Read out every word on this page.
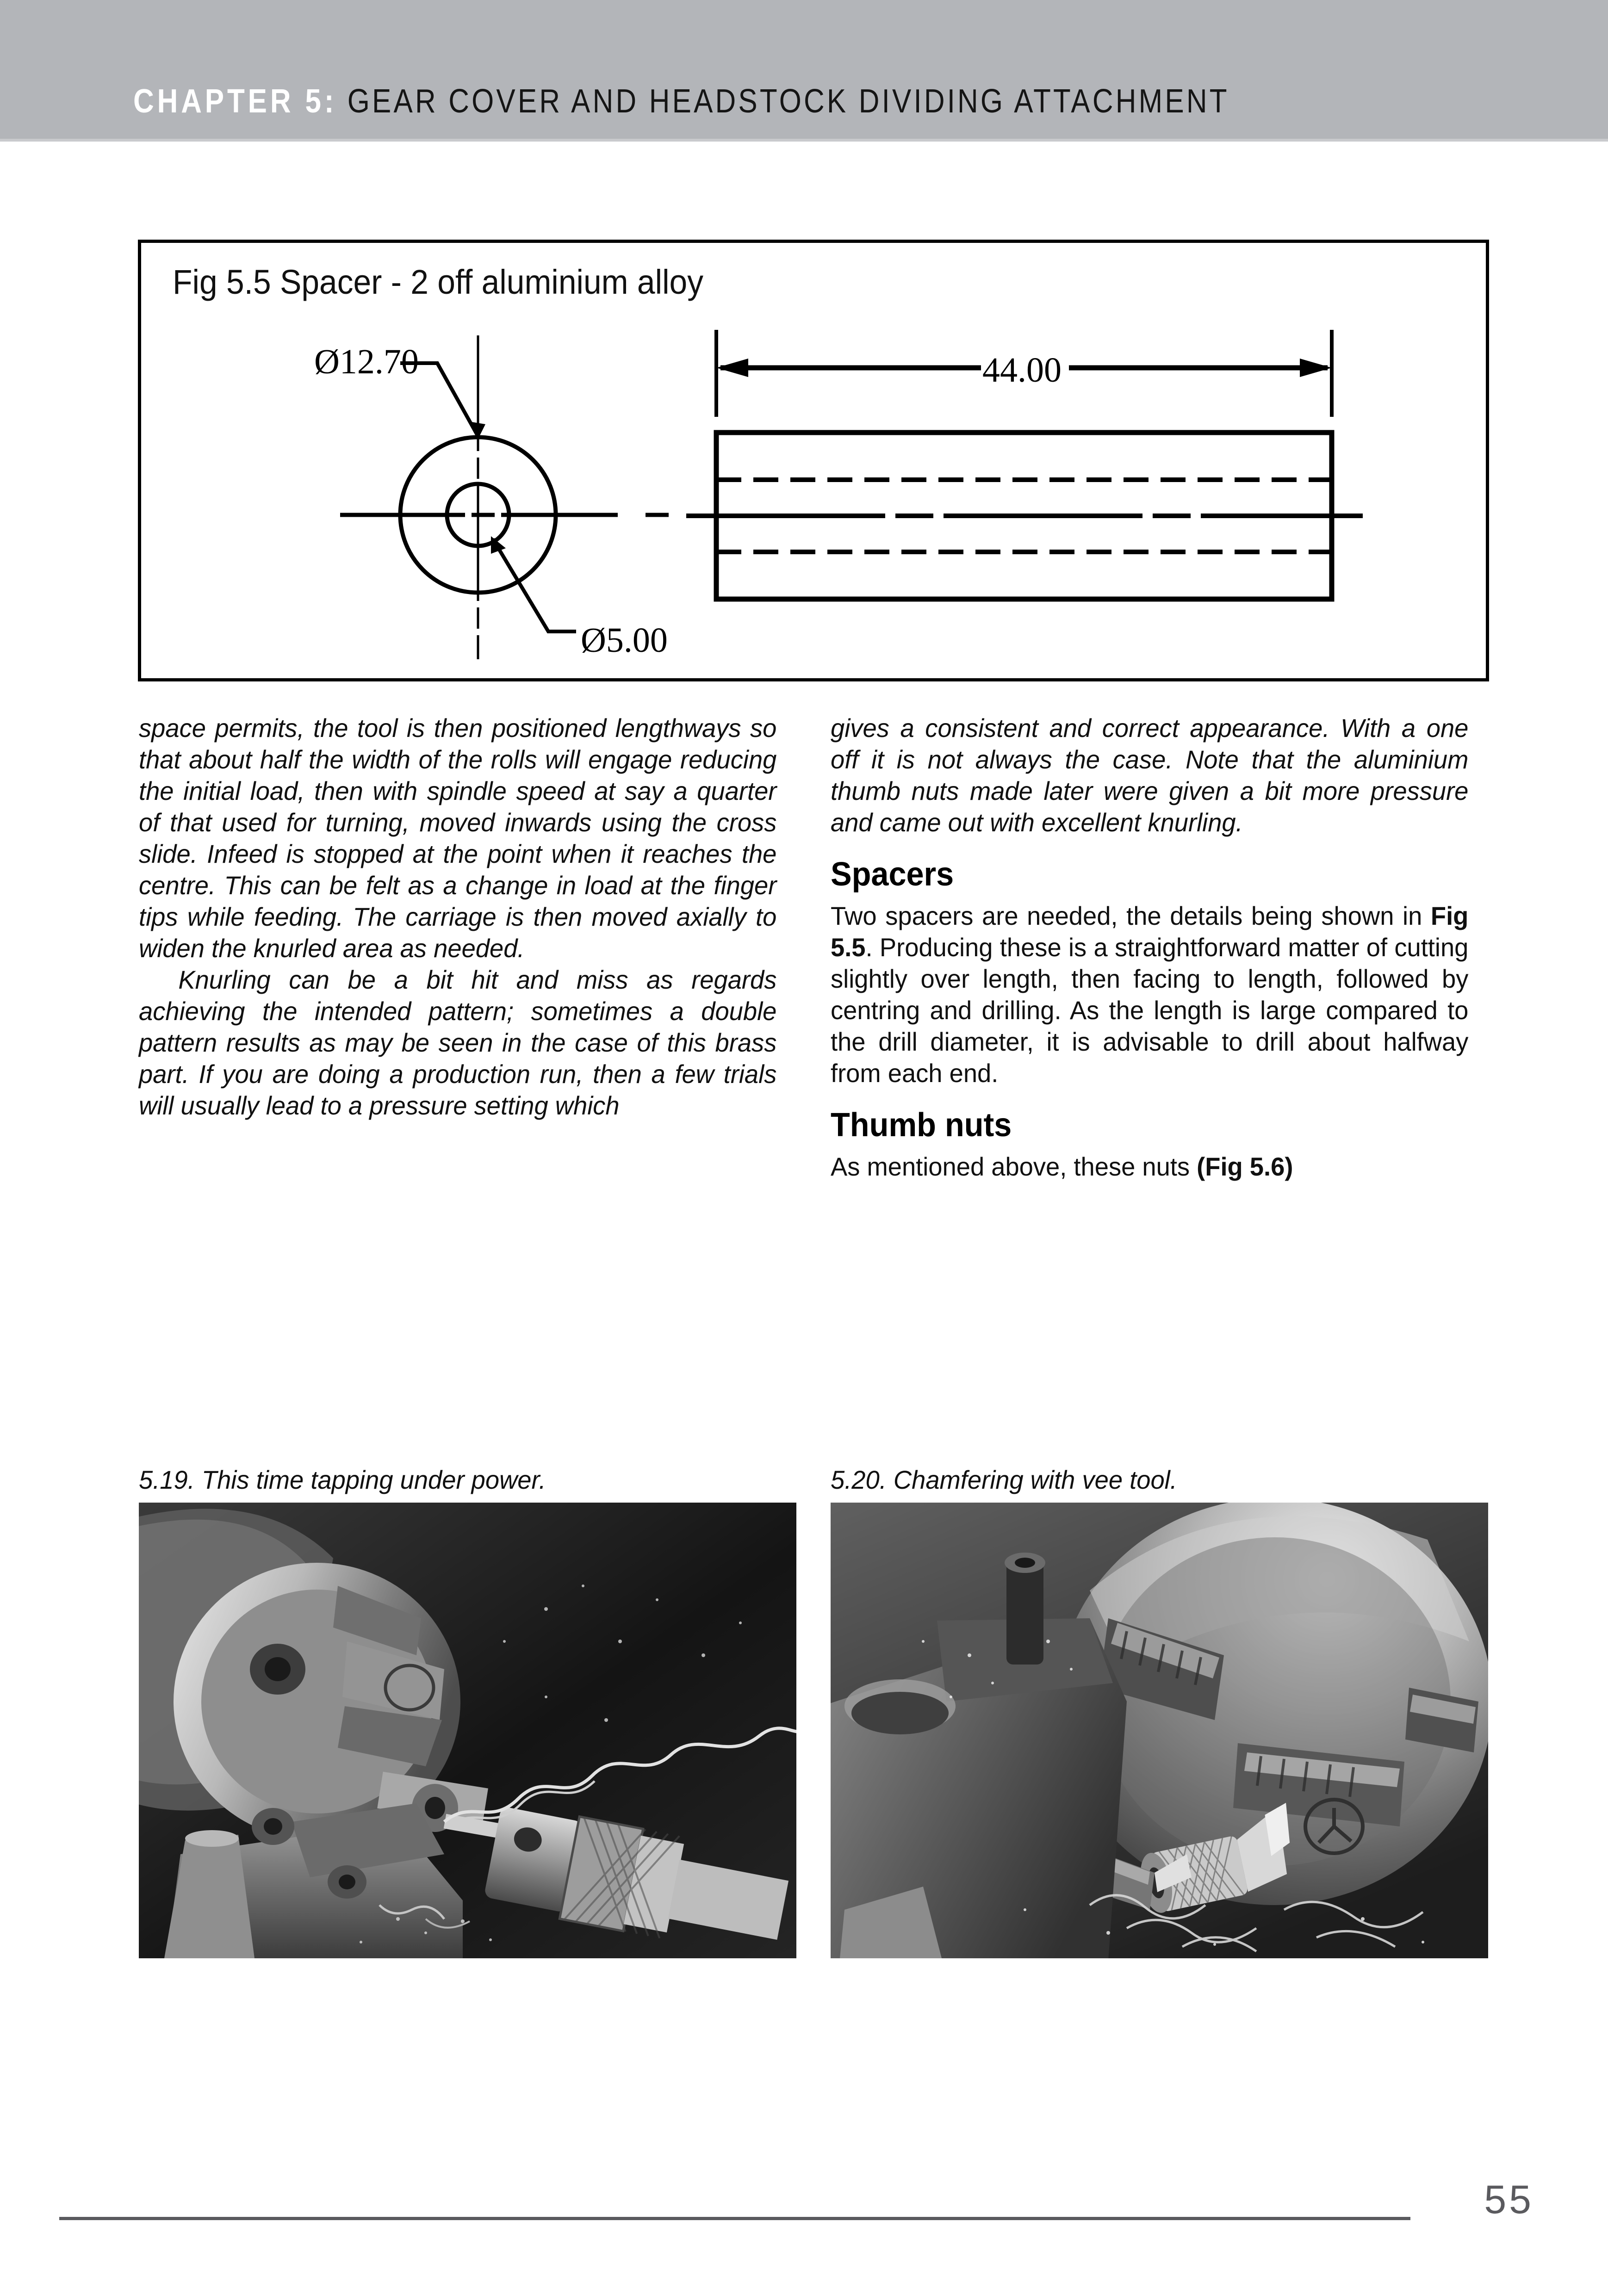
CHAPTER 5: GEAR COVER AND HEADSTOCK DIVIDING ATTACHMENT
Fig 5.5 Spacer - 2 off aluminium alloy
Ø12.70
Ø5.00
44.00

space permits, the tool is then positioned lengthways so that about half the width of the rolls will engage reducing the initial load, then with spindle speed at say a quarter of that used for turning, moved inwards using the cross slide. Infeed is stopped at the point when it reaches the centre. This can be felt as a change in load at the finger tips while feeding. The carriage is then moved axially to widen the knurled area as needed.

Knurling can be a bit hit and miss as regards achieving the intended pattern; sometimes a double pattern results as may be seen in the case of this brass part. If you are doing a production run, then a few trials will usually lead to a pressure setting which

gives a consistent and correct appearance. With a one off it is not always the case. Note that the aluminium thumb nuts made later were given a bit more pressure and came out with excellent knurling.

Spacers

Two spacers are needed, the details being shown in Fig 5.5. Producing these is a straightforward matter of cutting slightly over length, then facing to length, followed by centring and drilling. As the length is large compared to the drill diameter, it is advisable to drill about halfway from each end.

Thumb nuts

As mentioned above, these nuts (Fig 5.6)

5.19. This time tapping under power.	5.20. Chamfering with vee tool.
55
